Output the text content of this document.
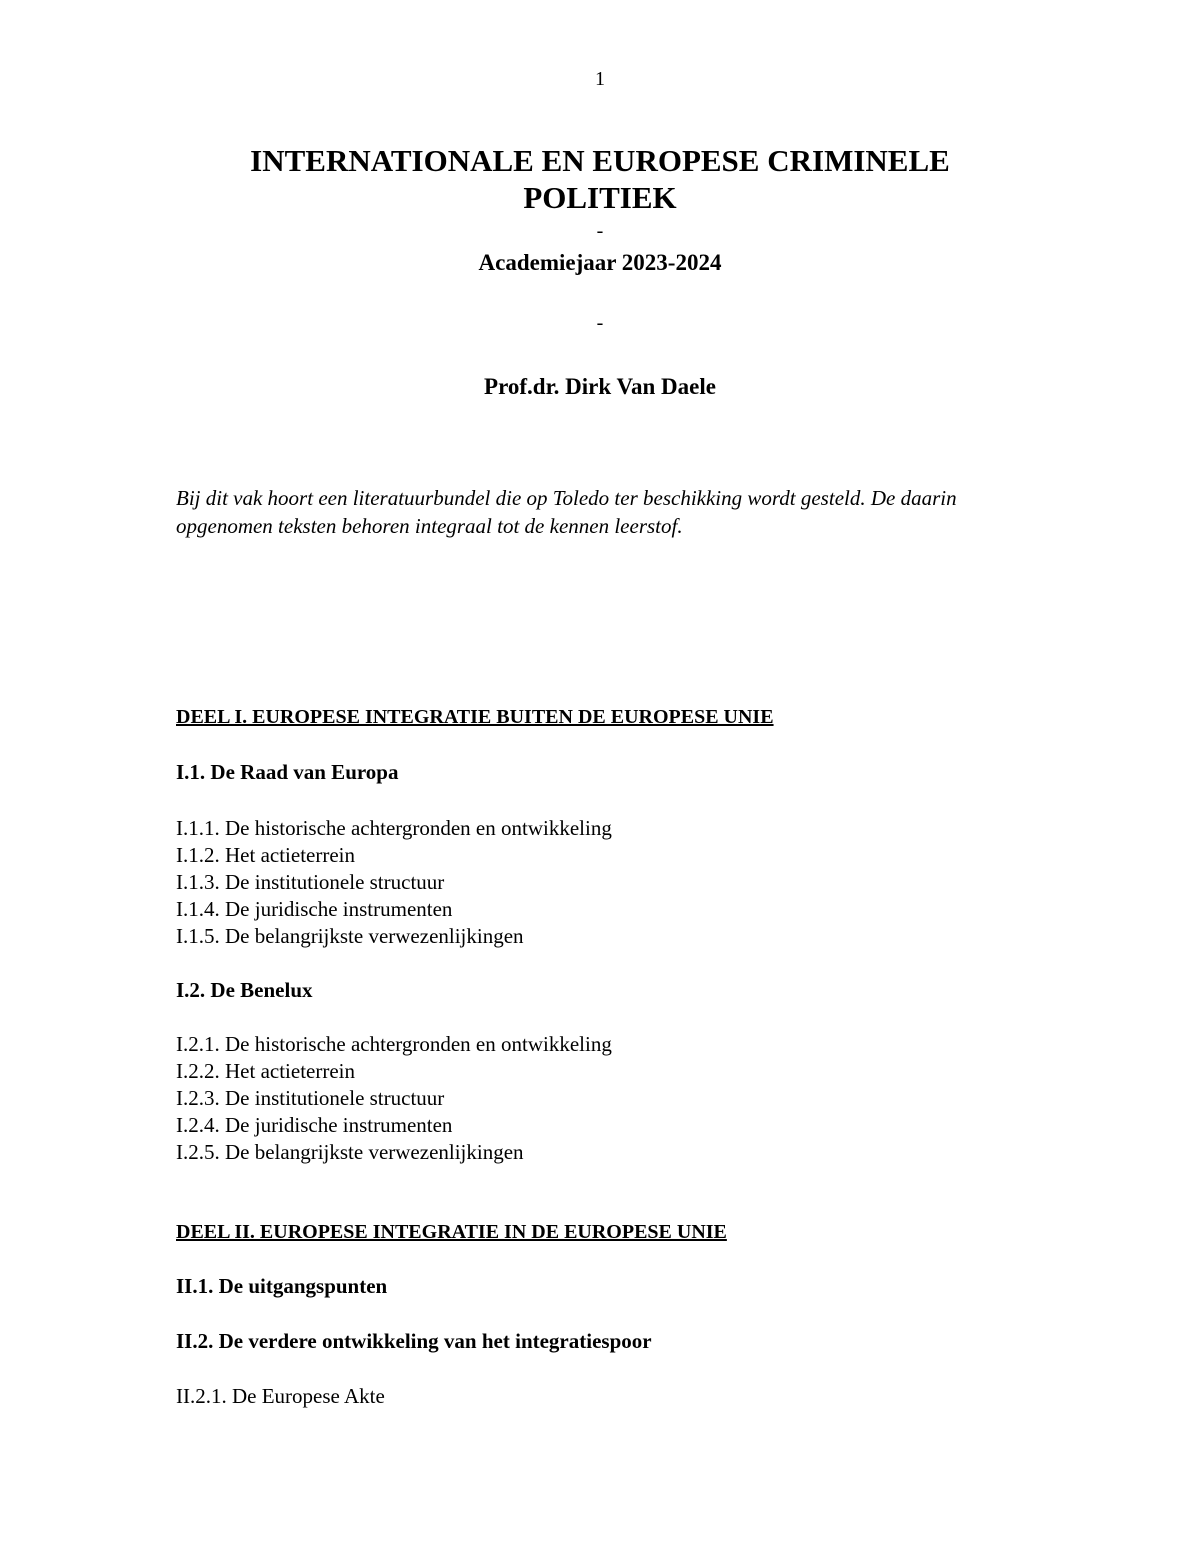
1
INTERNATIONALE EN EUROPESE CRIMINELE
POLITIEK
-
Academiejaar 2023-2024
-
Prof.dr. Dirk Van Daele
Bij dit vak hoort een literatuurbundel die op Toledo ter beschikking wordt gesteld. De daarin opgenomen teksten behoren integraal tot de kennen leerstof.
DEEL I. EUROPESE INTEGRATIE BUITEN DE EUROPESE UNIE
I.1. De Raad van Europa
I.1.1. De historische achtergronden en ontwikkeling
I.1.2. Het actieterrein
I.1.3. De institutionele structuur
I.1.4. De juridische instrumenten
I.1.5. De belangrijkste verwezenlijkingen
I.2. De Benelux
I.2.1. De historische achtergronden en ontwikkeling
I.2.2. Het actieterrein
I.2.3. De institutionele structuur
I.2.4. De juridische instrumenten
I.2.5. De belangrijkste verwezenlijkingen
DEEL II. EUROPESE INTEGRATIE IN DE EUROPESE UNIE
II.1. De uitgangspunten
II.2. De verdere ontwikkeling van het integratiespoor
II.2.1. De Europese Akte
